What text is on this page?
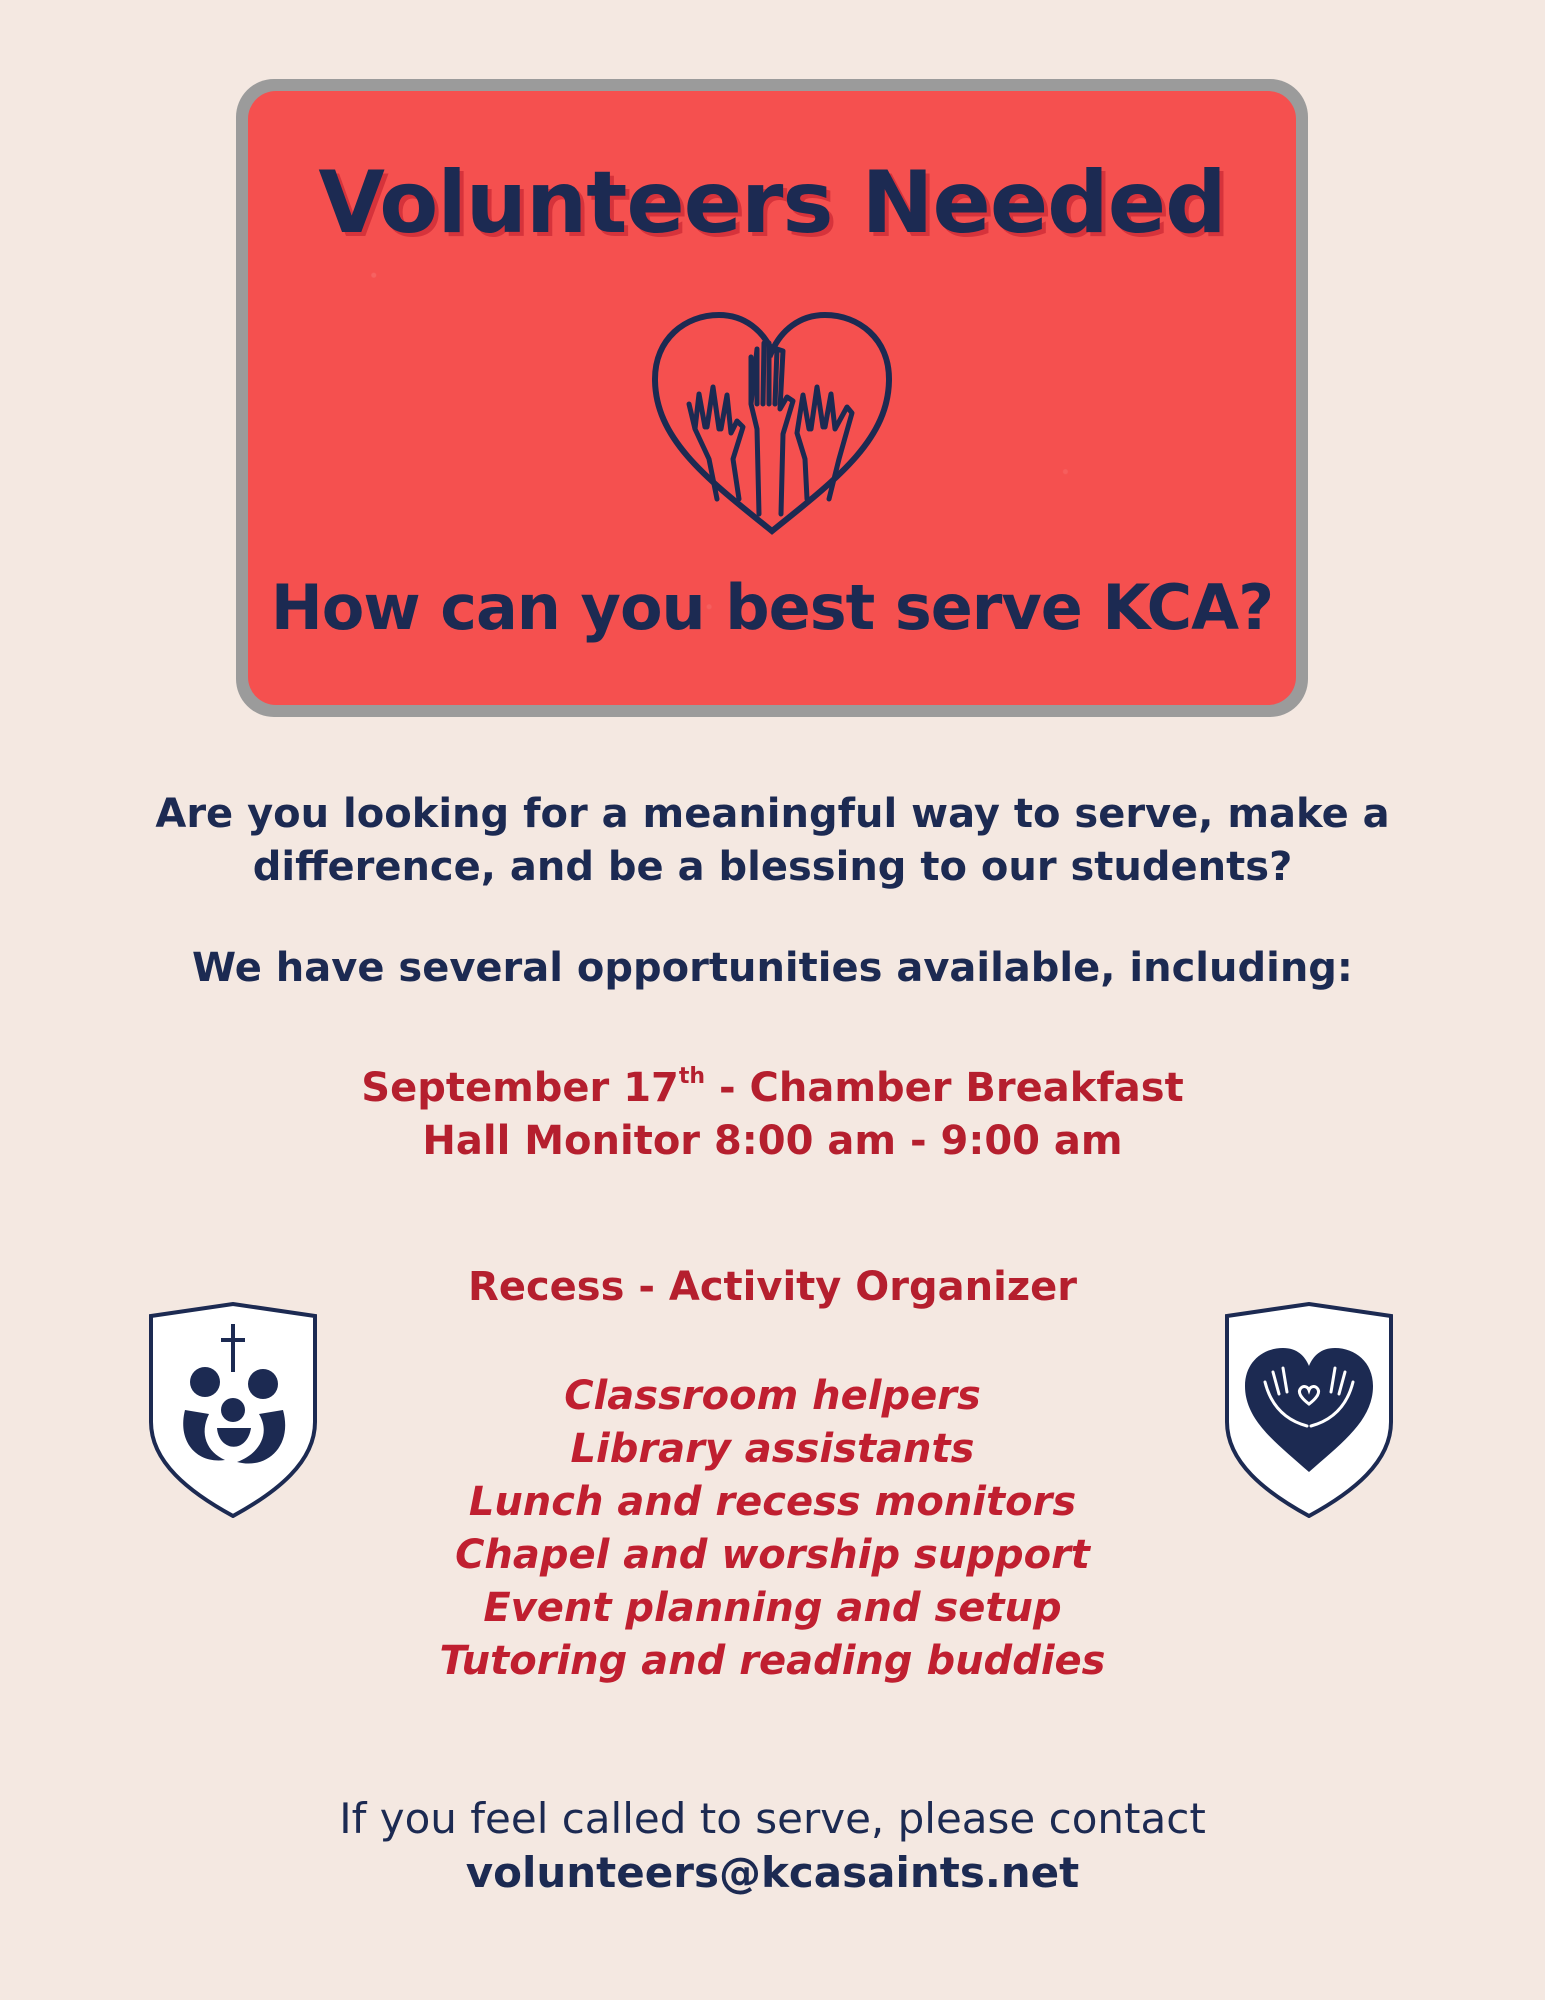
Volunteers Needed
How can you best serve KCA?
Are you looking for a meaningful way to serve, make a
difference, and be a blessing to our students?
We have several opportunities available, including:
September 17th - Chamber Breakfast
Hall Monitor 8:00 am - 9:00 am
Recess - Activity Organizer
Classroom helpers
Library assistants
Lunch and recess monitors
Chapel and worship support
Event planning and setup
Tutoring and reading buddies
If you feel called to serve, please contact
volunteers@kcasaints.net
